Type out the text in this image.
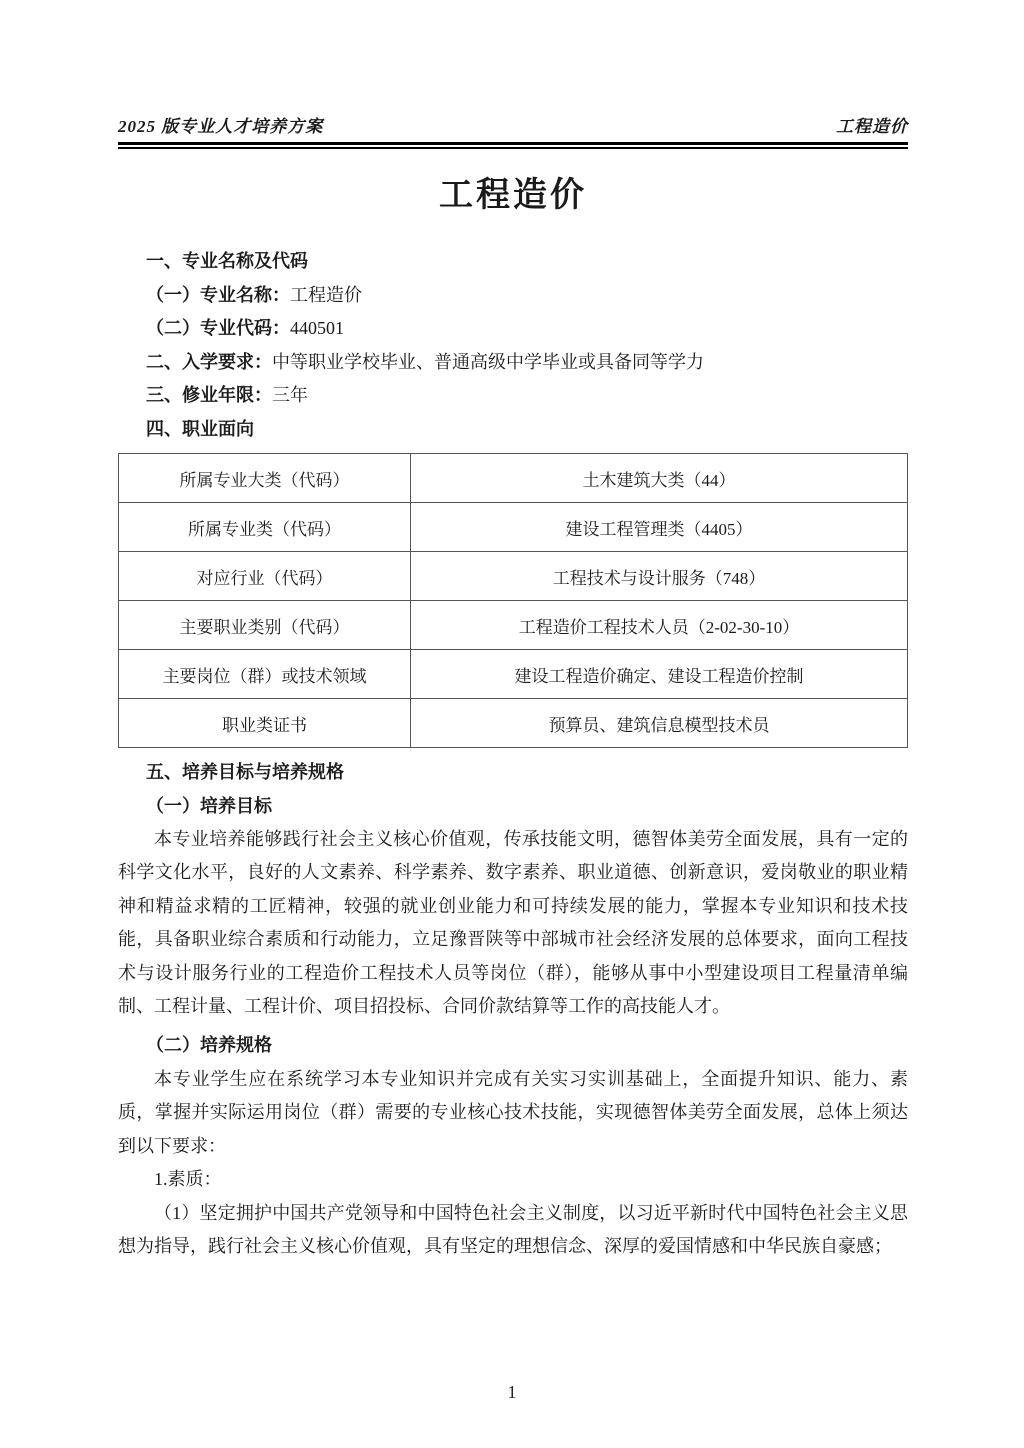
2025 版专业人才培养方案	工程造价
工程造价
一、专业名称及代码
（一）专业名称：工程造价
（二）专业代码：440501
二、入学要求：中等职业学校毕业、普通高级中学毕业或具备同等学力
三、修业年限：三年
四、职业面向
所属专业大类（代码）	土木建筑大类（44）
所属专业类（代码）	建设工程管理类（4405）
对应行业（代码）	工程技术与设计服务（748）
主要职业类别（代码）	工程造价工程技术人员（2-02-30-10）
主要岗位（群）或技术领域	建设工程造价确定、建设工程造价控制
职业类证书	预算员、建筑信息模型技术员
五、培养目标与培养规格
（一）培养目标

本专业培养能够践行社会主义核心价值观，传承技能文明，德智体美劳全面发展，具有一定的科学文化水平，良好的人文素养、科学素养、数字素养、职业道德、创新意识，爱岗敬业的职业精神和精益求精的工匠精神，较强的就业创业能力和可持续发展的能力，掌握本专业知识和技术技能，具备职业综合素质和行动能力，立足豫晋陕等中部城市社会经济发展的总体要求，面向工程技术与设计服务行业的工程造价工程技术人员等岗位（群），能够从事中小型建设项目工程量清单编制、工程计量、工程计价、项目招投标、合同价款结算等工作的高技能人才。

（二）培养规格

本专业学生应在系统学习本专业知识并完成有关实习实训基础上，全面提升知识、能力、素质，掌握并实际运用岗位（群）需要的专业核心技术技能，实现德智体美劳全面发展，总体上须达到以下要求：

1.素质：

（1）坚定拥护中国共产党领导和中国特色社会主义制度，以习近平新时代中国特色社会主义思想为指导，践行社会主义核心价值观，具有坚定的理想信念、深厚的爱国情感和中华民族自豪感；

1
